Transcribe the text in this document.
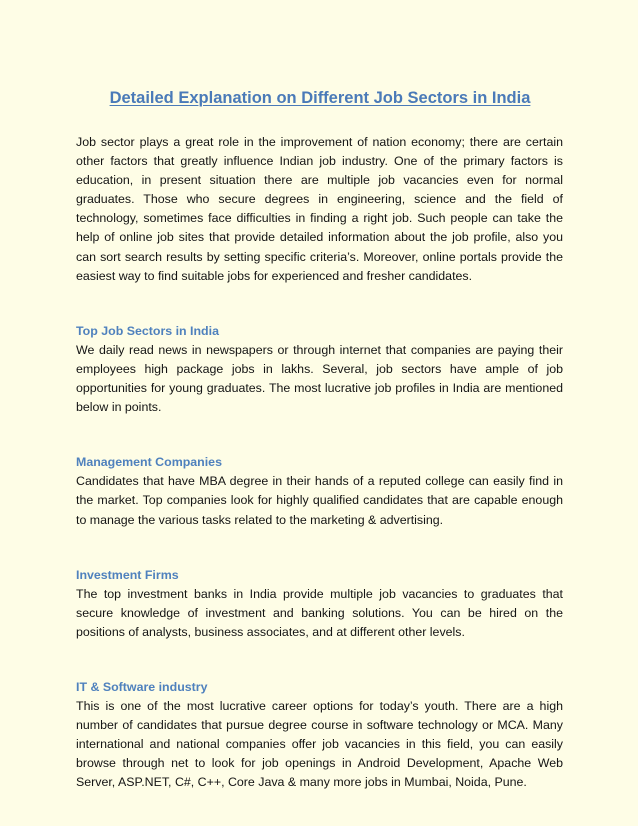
Detailed Explanation on Different Job Sectors in India

Job sector plays a great role in the improvement of nation economy; there are certain other factors that greatly influence Indian job industry. One of the primary factors is education, in present situation there are multiple job vacancies even for normal graduates. Those who secure degrees in engineering, science and the field of technology, sometimes face difficulties in finding a right job. Such people can take the help of online job sites that provide detailed information about the job profile, also you can sort search results by setting specific criteria’s. Moreover, online portals provide the easiest way to find suitable jobs for experienced and fresher candidates.

Top Job Sectors in India

We daily read news in newspapers or through internet that companies are paying their employees high package jobs in lakhs. Several, job sectors have ample of job opportunities for young graduates. The most lucrative job profiles in India are mentioned below in points.

Management Companies

Candidates that have MBA degree in their hands of a reputed college can easily find in the market. Top companies look for highly qualified candidates that are capable enough to manage the various tasks related to the marketing & advertising.

Investment Firms

The top investment banks in India provide multiple job vacancies to graduates that secure knowledge of investment and banking solutions. You can be hired on the positions of analysts, business associates, and at different other levels.

IT & Software industry

This is one of the most lucrative career options for today’s youth. There are a high number of candidates that pursue degree course in software technology or MCA. Many international and national companies offer job vacancies in this field, you can easily browse through net to look for job openings in Android Development, Apache Web Server, ASP.NET, C#, C++, Core Java & many more jobs in Mumbai, Noida, Pune.
